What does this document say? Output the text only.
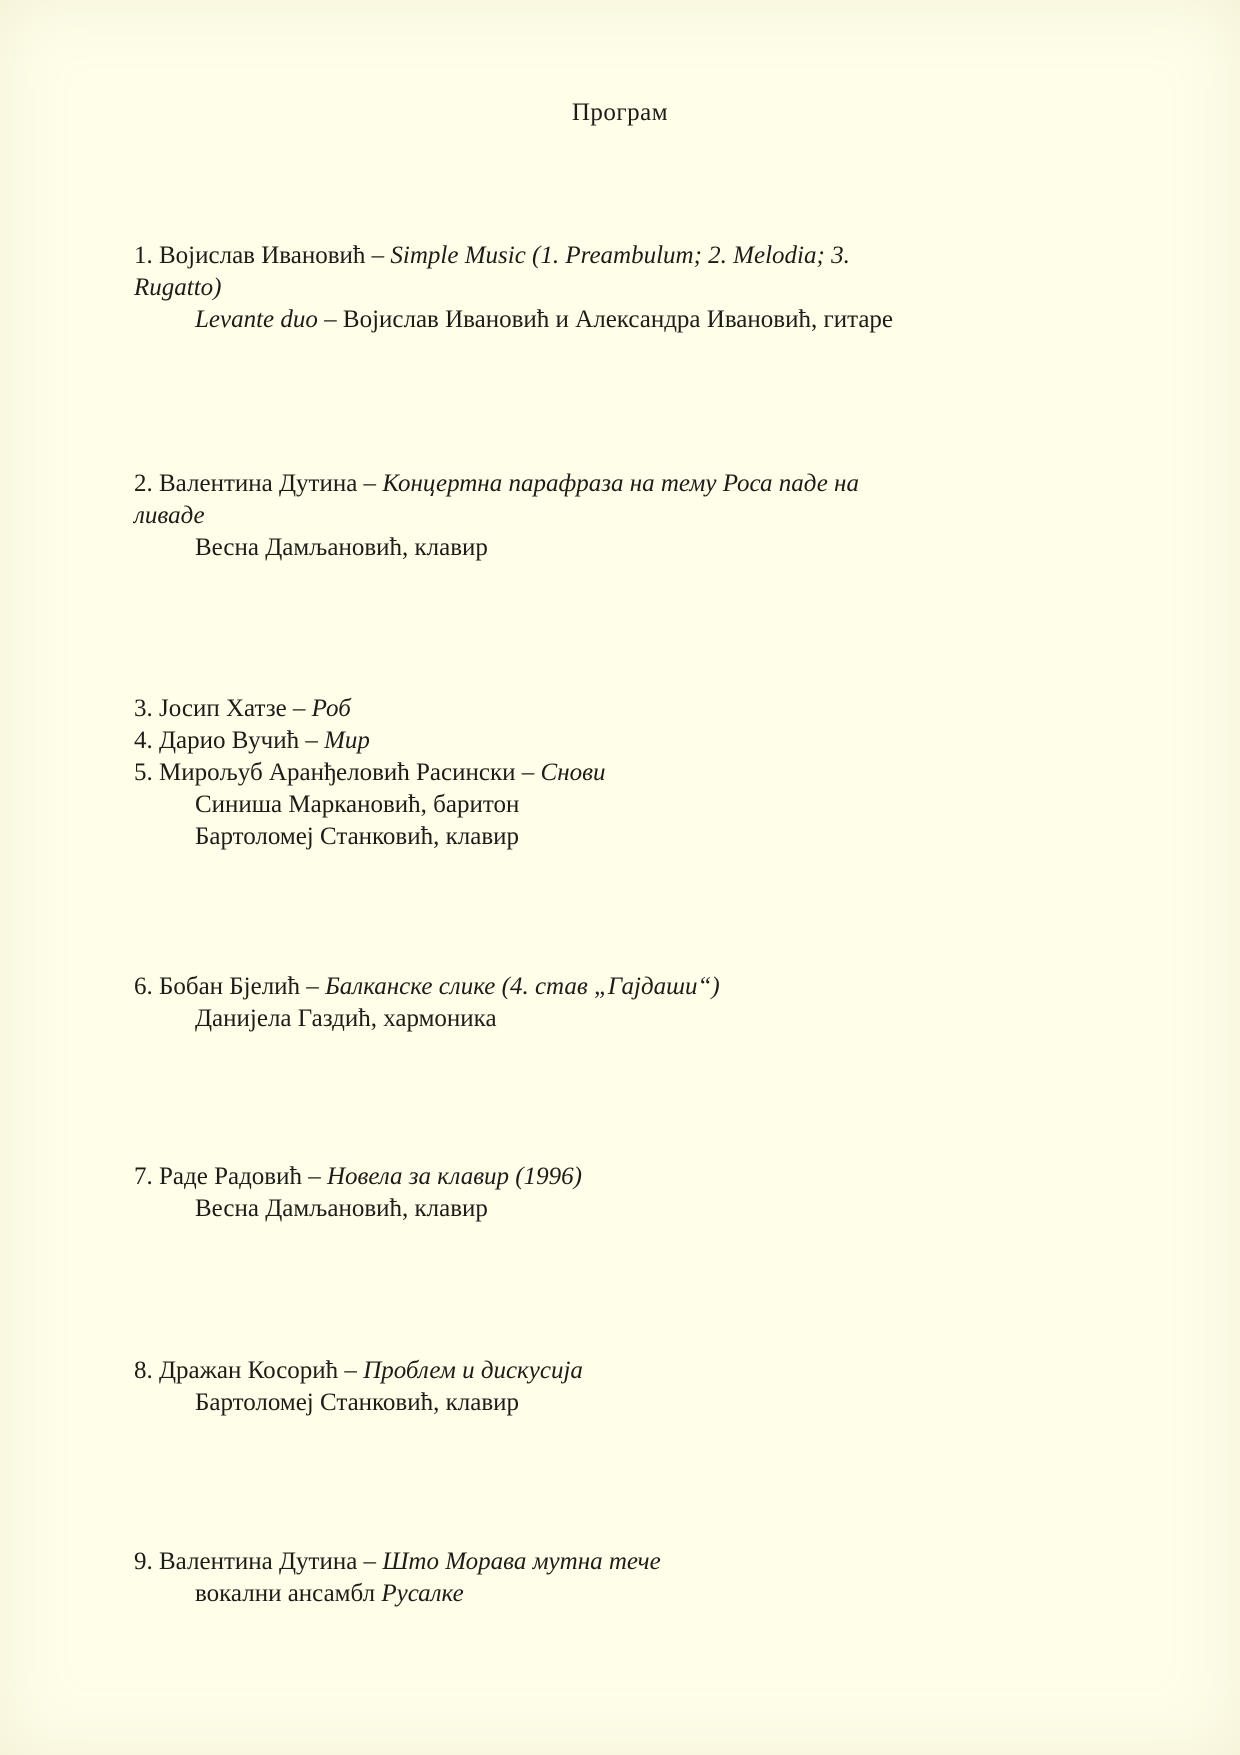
Програм
1. Војислав Ивановић – Simple Music (1. Preambulum; 2. Melodia; 3.
Rugatto)
Levante duo – Војислав Ивановић и Александра Ивановић, гитаре
2. Валентина Дутина – Концертна парафраза на тему Роса паде на
ливаде
Весна Дамљановић, клавир
3. Јосип Хатзе – Роб
4. Дарио Вучић – Мир
5. Мирољуб Аранђеловић Расински – Снови
Синиша Маркановић, баритон
Бартоломеј Станковић, клавир
6. Бобан Бјелић – Балканске слике (4. став „Гајдаши“)
Данијела Газдић, хармоника
7. Раде Радовић – Новела за клавир (1996)
Весна Дамљановић, клавир
8. Дражан Косорић – Проблем и дискусија
Бартоломеј Станковић, клавир
9. Валентина Дутина – Што Морава мутна тече
вокални ансамбл Русалке
